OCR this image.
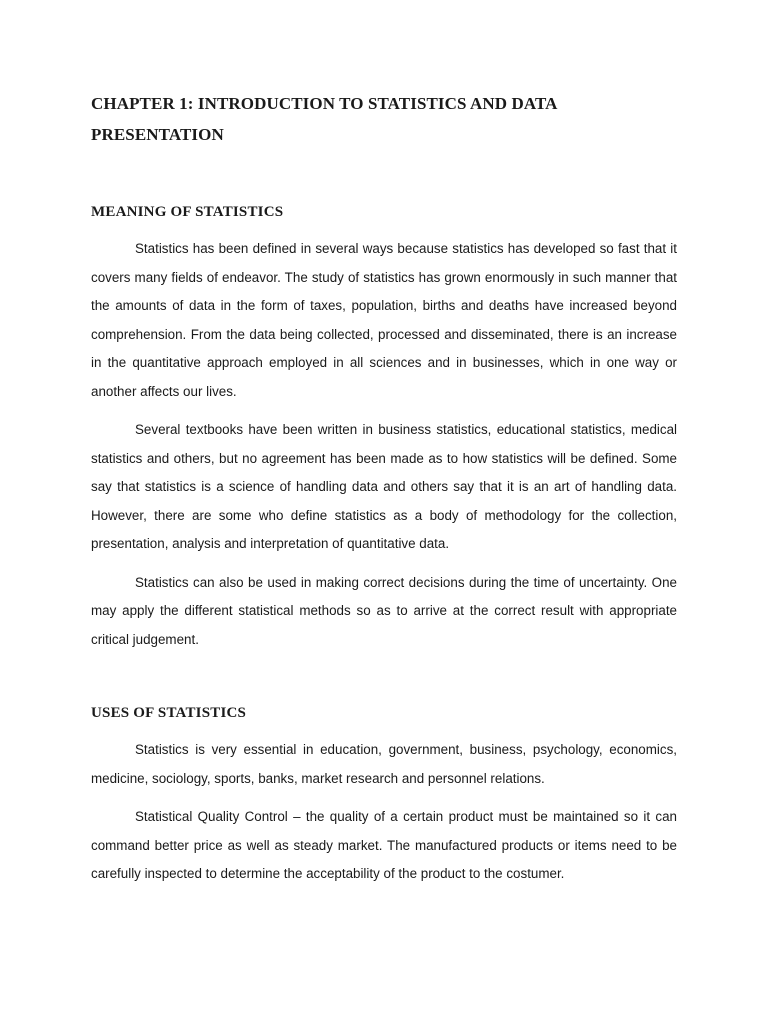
CHAPTER 1: INTRODUCTION TO STATISTICS AND DATA PRESENTATION
MEANING OF STATISTICS

Statistics has been defined in several ways because statistics has developed so fast that it covers many fields of endeavor. The study of statistics has grown enormously in such manner that the amounts of data in the form of taxes, population, births and deaths have increased beyond comprehension. From the data being collected, processed and disseminated, there is an increase in the quantitative approach employed in all sciences and in businesses, which in one way or another affects our lives.

Several textbooks have been written in business statistics, educational statistics, medical statistics and others, but no agreement has been made as to how statistics will be defined. Some say that statistics is a science of handling data and others say that it is an art of handling data. However, there are some who define statistics as a body of methodology for the collection, presentation, analysis and interpretation of quantitative data.

Statistics can also be used in making correct decisions during the time of uncertainty. One may apply the different statistical methods so as to arrive at the correct result with appropriate critical judgement.

USES OF STATISTICS

Statistics is very essential in education, government, business, psychology, economics, medicine, sociology, sports, banks, market research and personnel relations.

Statistical Quality Control – the quality of a certain product must be maintained so it can command better price as well as steady market. The manufactured products or items need to be carefully inspected to determine the acceptability of the product to the costumer.
